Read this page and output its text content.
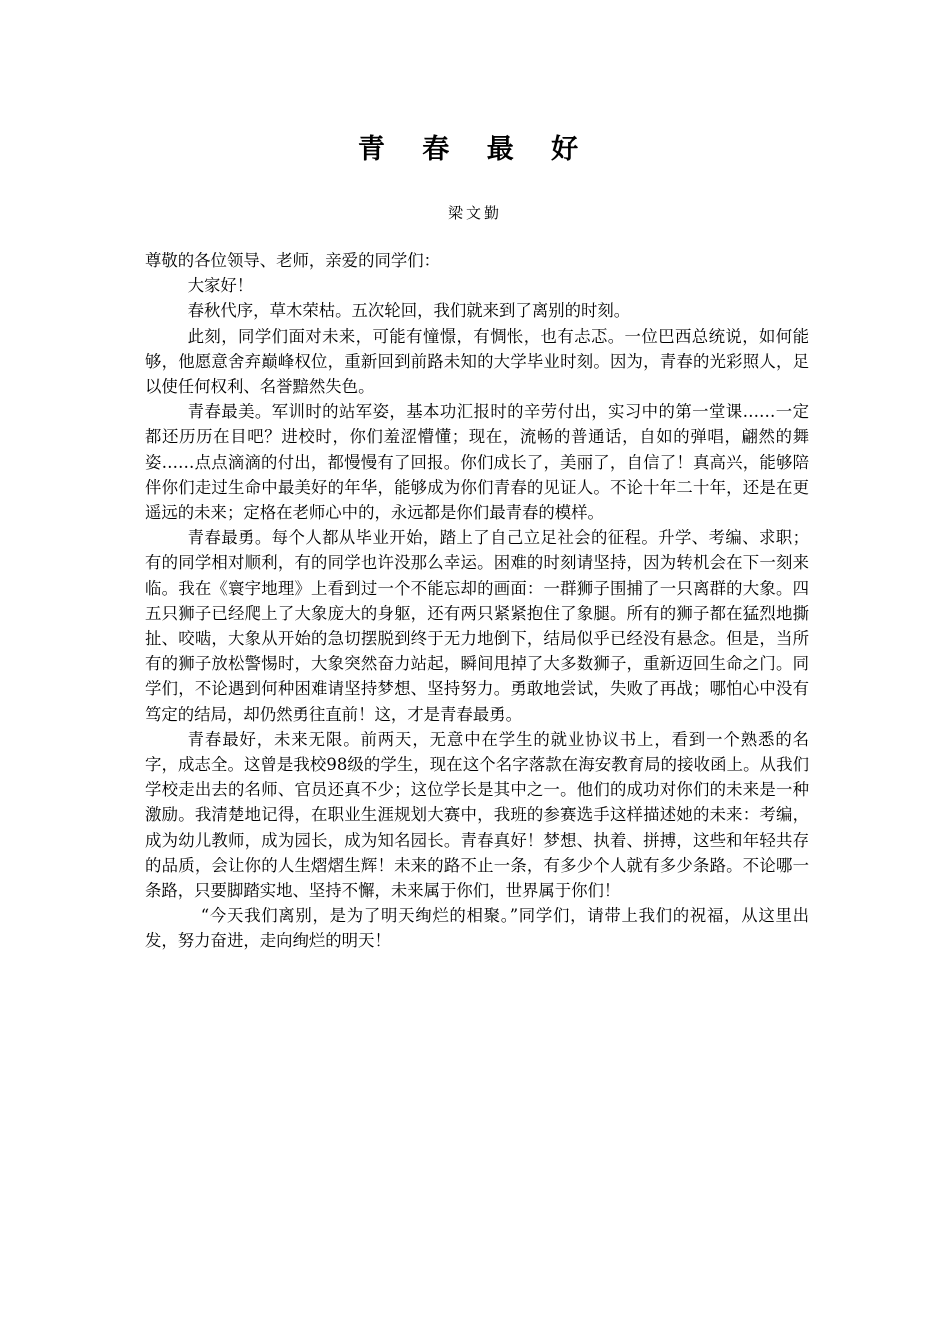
青 春 最 好
梁文勤

尊敬的各位领导、老师，亲爱的同学们：

大家好！

春秋代序，草木荣枯。五次轮回，我们就来到了离别的时刻。

此刻，同学们面对未来，可能有憧憬，有惆怅，也有忐忑。一位巴西总统说，如何能够，他愿意舍弃巅峰权位，重新回到前路未知的大学毕业时刻。因为，青春的光彩照人，足以使任何权利、名誉黯然失色。

青春最美。军训时的站军姿，基本功汇报时的辛劳付出，实习中的第一堂课……一定都还历历在目吧？进校时，你们羞涩懵懂；现在，流畅的普通话，自如的弹唱，翩然的舞姿……点点滴滴的付出，都慢慢有了回报。你们成长了，美丽了，自信了！真高兴，能够陪伴你们走过生命中最美好的年华，能够成为你们青春的见证人。不论十年二十年，还是在更遥远的未来；定格在老师心中的，永远都是你们最青春的模样。

青春最勇。每个人都从毕业开始，踏上了自己立足社会的征程。升学、考编、求职；有的同学相对顺利，有的同学也许没那么幸运。困难的时刻请坚持，因为转机会在下一刻来临。我在《寰宇地理》上看到过一个不能忘却的画面：一群狮子围捕了一只离群的大象。四五只狮子已经爬上了大象庞大的身躯，还有两只紧紧抱住了象腿。所有的狮子都在猛烈地撕扯、咬啮，大象从开始的急切摆脱到终于无力地倒下，结局似乎已经没有悬念。但是，当所有的狮子放松警惕时，大象突然奋力站起，瞬间甩掉了大多数狮子，重新迈回生命之门。同学们，不论遇到何种困难请坚持梦想、坚持努力。勇敢地尝试，失败了再战；哪怕心中没有笃定的结局，却仍然勇往直前！这，才是青春最勇。

青春最好，未来无限。前两天，无意中在学生的就业协议书上，看到一个熟悉的名字，成志全。这曾是我校98级的学生，现在这个名字落款在海安教育局的接收函上。从我们学校走出去的名师、官员还真不少；这位学长是其中之一。他们的成功对你们的未来是一种激励。我清楚地记得，在职业生涯规划大赛中，我班的参赛选手这样描述她的未来：考编，成为幼儿教师，成为园长，成为知名园长。青春真好！梦想、执着、拼搏，这些和年轻共存的品质，会让你的人生熠熠生辉！未来的路不止一条，有多少个人就有多少条路。不论哪一条路，只要脚踏实地、坚持不懈，未来属于你们，世界属于你们！

“今天我们离别，是为了明天绚烂的相聚。”同学们，请带上我们的祝福，从这里出发，努力奋进，走向绚烂的明天！
